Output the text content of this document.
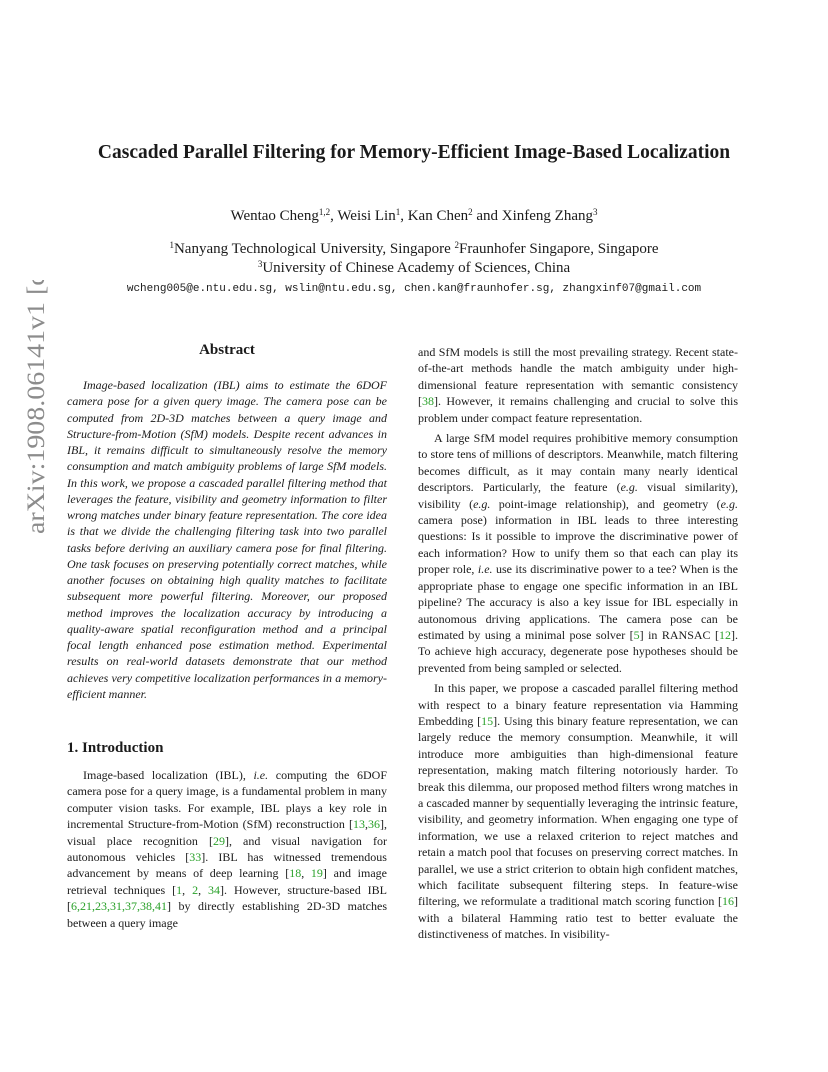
arXiv:1908.06141v1 [cs.CV] 16 Aug 2019	Cascaded Parallel Filtering for Memory-Efficient Image-Based Localization
Wentao Cheng$^{1,2}$, Weisi Lin$^1$, Kan Chen$^2$ and Xinfeng Zhang$^3$
$^1$Nanyang Technological University, Singapore $^2$Fraunhofer Singapore, Singapore
$^3$University of Chinese Academy of Sciences, China
wcheng005@e.ntu.edu.sg, wslin@ntu.edu.sg, chen.kan@fraunhofer.sg, zhangxinf07@gmail.com
Abstract

Image-based localization (IBL) aims to estimate the 6DOF camera pose for a given query image. The camera pose can be computed from 2D-3D matches between a query image and Structure-from-Motion (SfM) models. Despite recent advances in IBL, it remains difficult to simultaneously resolve the memory consumption and match ambiguity problems of large SfM models. In this work, we propose a cascaded parallel filtering method that leverages the feature, visibility and geometry information to filter wrong matches under binary feature representation. The core idea is that we divide the challenging filtering task into two parallel tasks before deriving an auxiliary camera pose for final filtering. One task focuses on preserving potentially correct matches, while another focuses on obtaining high quality matches to facilitate subsequent more powerful filtering. Moreover, our proposed method improves the localization accuracy by introducing a quality-aware spatial reconfiguration method and a principal focal length enhanced pose estimation method. Experimental results on real-world datasets demonstrate that our method achieves very competitive localization performances in a memory-efficient manner.

1. Introduction

Image-based localization (IBL), i.e. computing the 6DOF camera pose for a query image, is a fundamental problem in many computer vision tasks. For example, IBL plays a key role in incremental Structure-from-Motion (SfM) reconstruction [13,36], visual place recognition [29], and visual navigation for autonomous vehicles [33]. IBL has witnessed tremendous advancement by means of deep learning [18, 19] and image retrieval techniques [1, 2, 34]. However, structure-based IBL [6,21,23,31,37,38,41] by directly establishing 2D-3D matches between a query image

and SfM models is still the most prevailing strategy. Recent state-of-the-art methods handle the match ambiguity under high-dimensional feature representation with semantic consistency [38]. However, it remains challenging and crucial to solve this problem under compact feature representation.

A large SfM model requires prohibitive memory consumption to store tens of millions of descriptors. Meanwhile, match filtering becomes difficult, as it may contain many nearly identical descriptors. Particularly, the feature (e.g. visual similarity), visibility (e.g. point-image relationship), and geometry (e.g. camera pose) information in IBL leads to three interesting questions: Is it possible to improve the discriminative power of each information? How to unify them so that each can play its proper role, i.e. use its discriminative power to a tee? When is the appropriate phase to engage one specific information in an IBL pipeline? The accuracy is also a key issue for IBL especially in autonomous driving applications. The camera pose can be estimated by using a minimal pose solver [5] in RANSAC [12]. To achieve high accuracy, degenerate pose hypotheses should be prevented from being sampled or selected.

In this paper, we propose a cascaded parallel filtering method with respect to a binary feature representation via Hamming Embedding [15]. Using this binary feature representation, we can largely reduce the memory consumption. Meanwhile, it will introduce more ambiguities than high-dimensional feature representation, making match filtering notoriously harder. To break this dilemma, our proposed method filters wrong matches in a cascaded manner by sequentially leveraging the intrinsic feature, visibility, and geometry information. When engaging one type of information, we use a relaxed criterion to reject matches and retain a match pool that focuses on preserving correct matches. In parallel, we use a strict criterion to obtain high confident matches, which facilitate subsequent filtering steps. In feature-wise filtering, we reformulate a traditional match scoring function [16] with a bilateral Hamming ratio test to better evaluate the distinctiveness of matches. In visibility-
